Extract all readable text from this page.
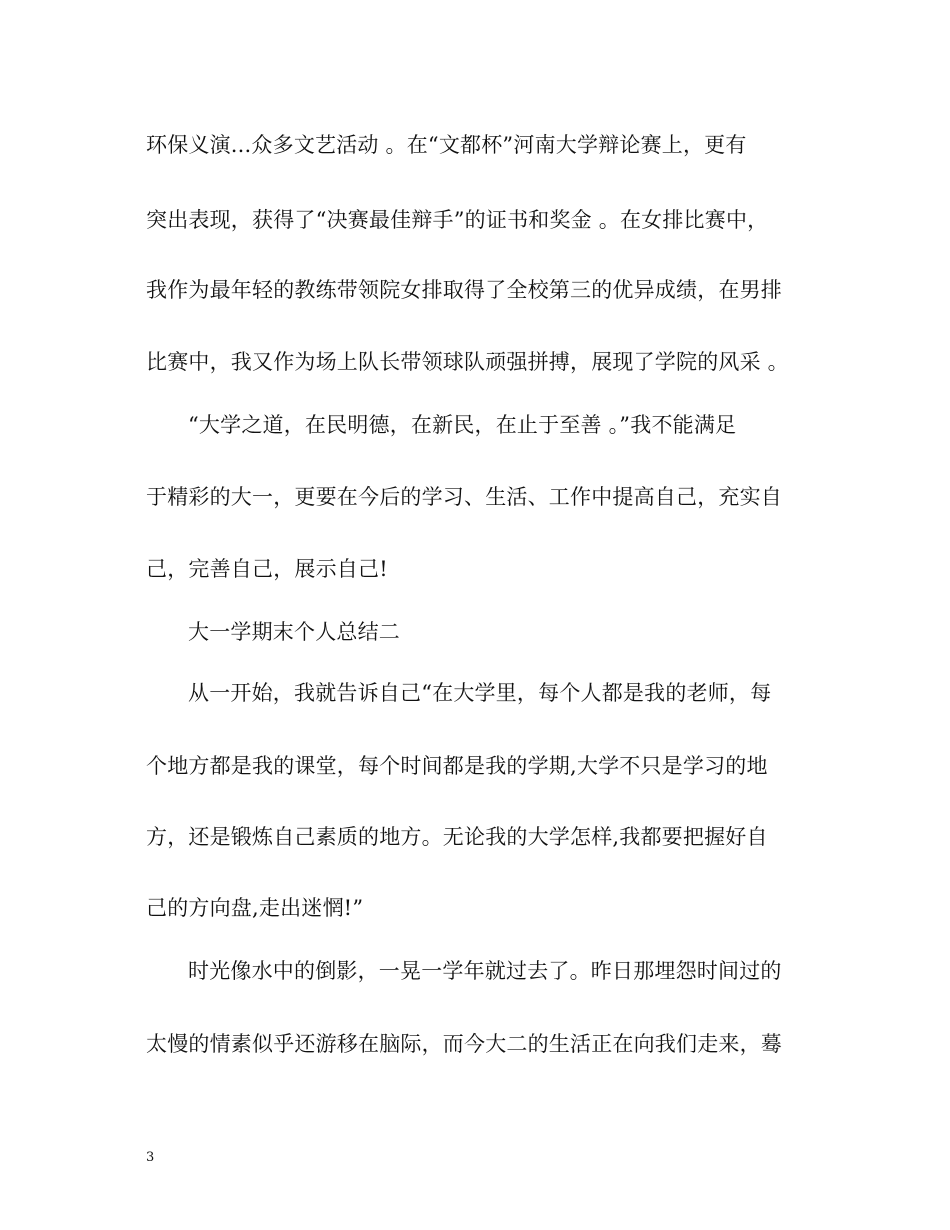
环保义演...众多文艺活动 。在“文都杯”河南大学辩论赛上，更有
突出表现，获得了“决赛最佳辩手”的证书和奖金 。在女排比赛中，
我作为最年轻的教练带领院女排取得了全校第三的优异成绩，在男排
比赛中，我又作为场上队长带领球队顽强拼搏，展现了学院的风采 。
“大学之道，在民明德，在新民，在止于至善 。”我不能满足
于精彩的大一，更要在今后的学习、生活、工作中提高自己，充实自
己，完善自己，展示自己!
大一学期末个人总结二
从一开始，我就告诉自己“在大学里，每个人都是我的老师，每
个地方都是我的课堂，每个时间都是我的学期,大学不只是学习的地
方，还是锻炼自己素质的地方。无论我的大学怎样,我都要把握好自
己的方向盘,走出迷惘!”
时光像水中的倒影，一晃一学年就过去了。昨日那埋怨时间过的
太慢的情素似乎还游移在脑际，而今大二的生活正在向我们走来，蓦
3
